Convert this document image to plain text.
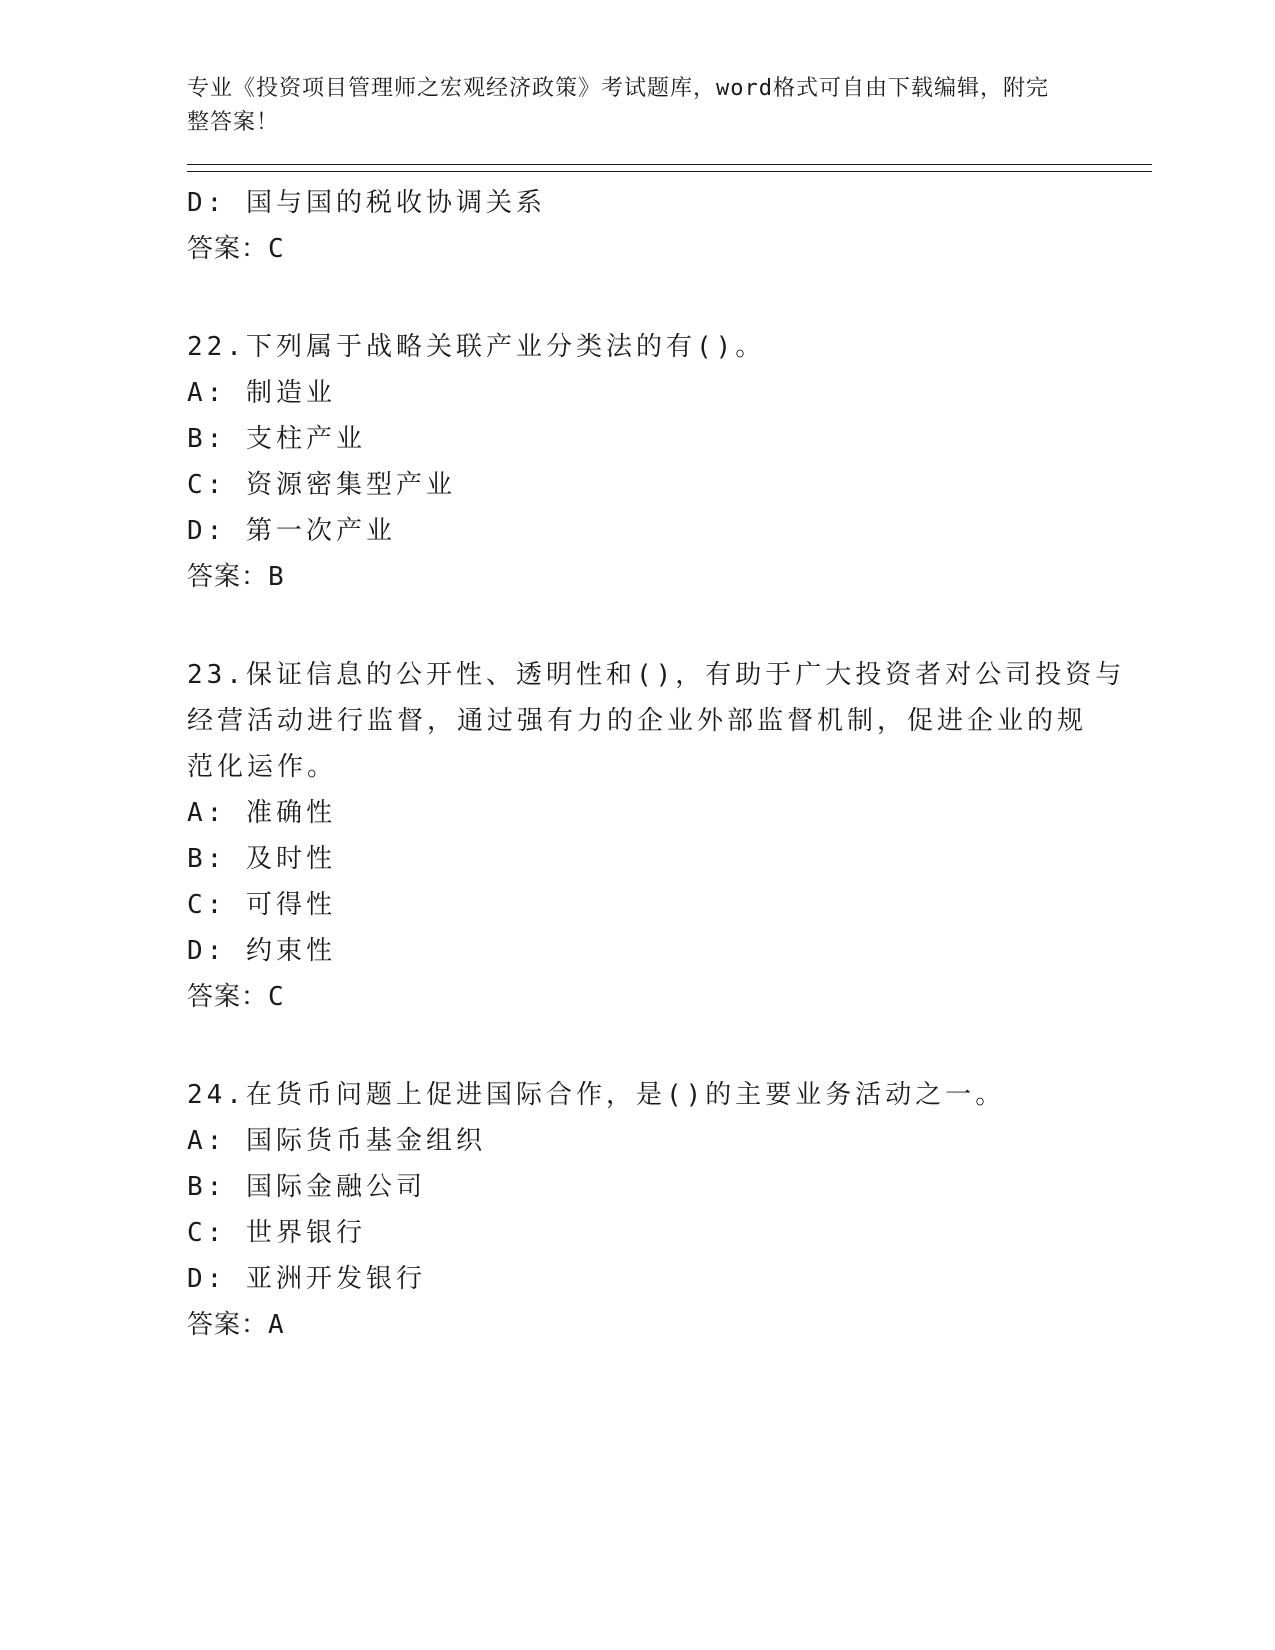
专业《投资项目管理师之宏观经济政策》考试题库，word格式可自由下载编辑，附完整答案！
D: 国与国的税收协调关系
答案：C
22.下列属于战略关联产业分类法的有()。
A: 制造业
B: 支柱产业
C: 资源密集型产业
D: 第一次产业
答案：B
23.保证信息的公开性、透明性和()，有助于广大投资者对公司投资与
经营活动进行监督，通过强有力的企业外部监督机制，促进企业的规
范化运作。
A: 准确性
B: 及时性
C: 可得性
D: 约束性
答案：C
24.在货币问题上促进国际合作，是()的主要业务活动之一。
A: 国际货币基金组织
B: 国际金融公司
C: 世界银行
D: 亚洲开发银行
答案：A
